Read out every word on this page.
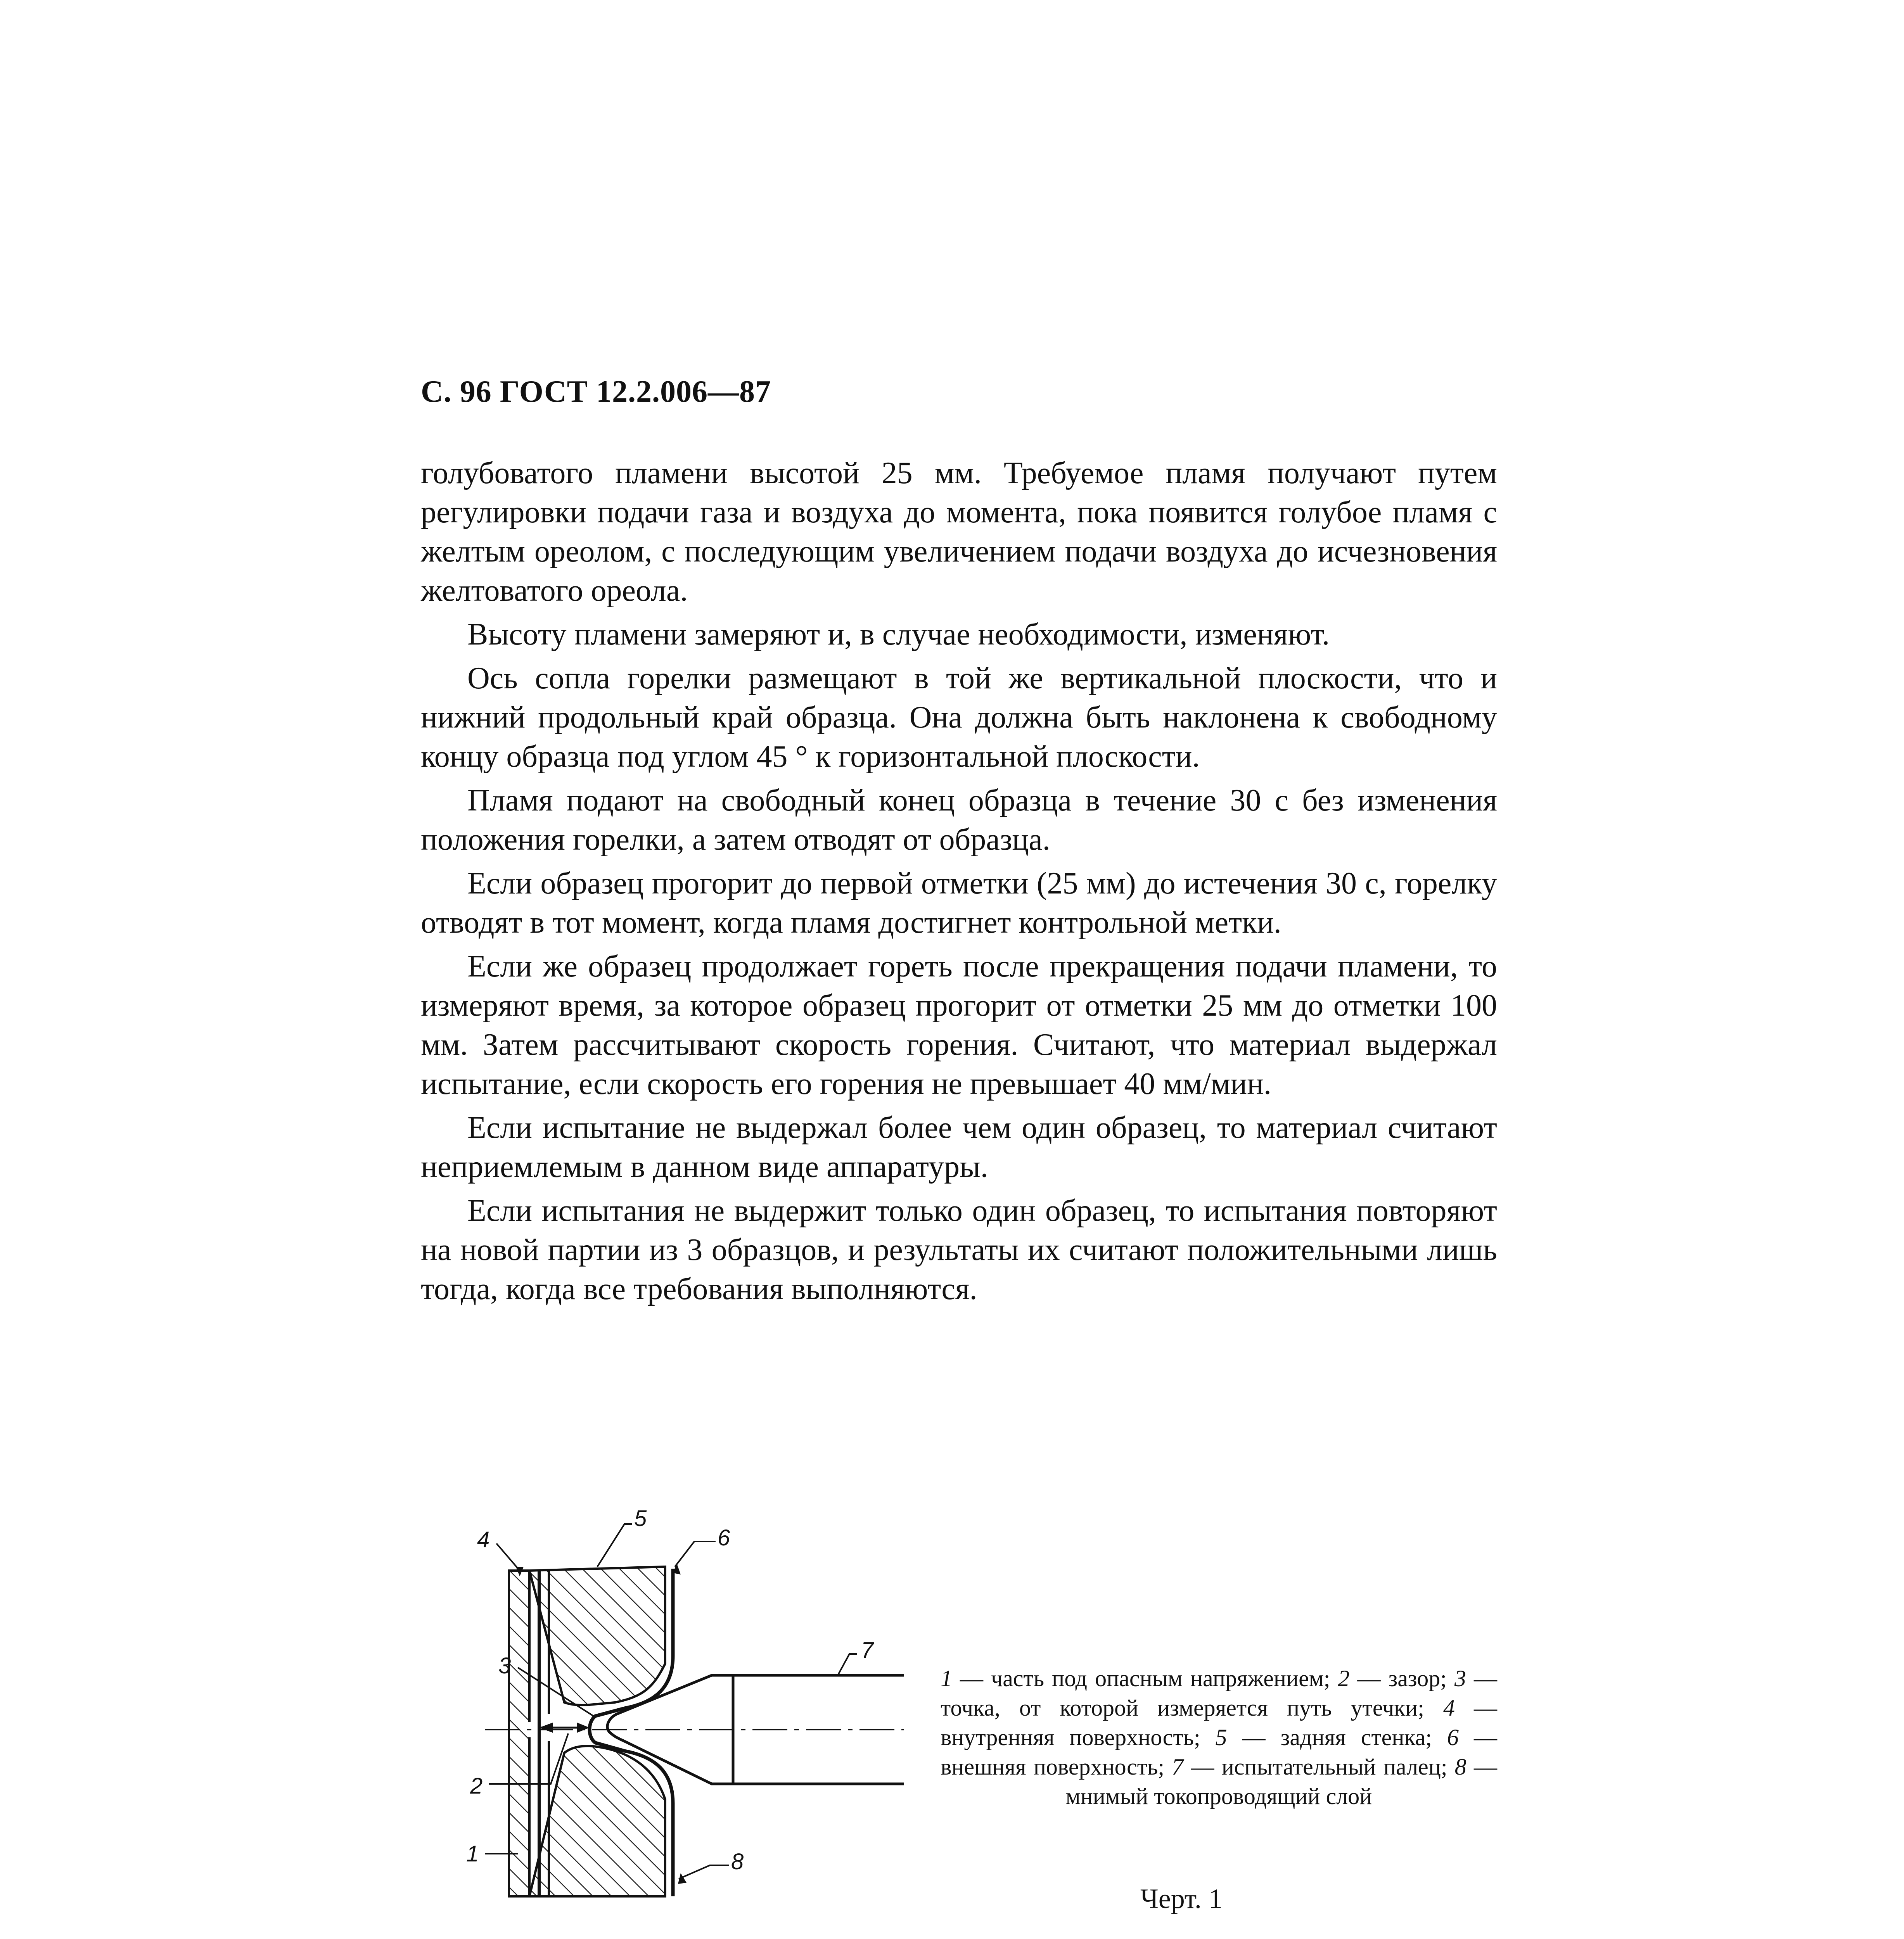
С. 96 ГОСТ 12.2.006—87

голубоватого пламени высотой 25 мм. Требуемое пламя получают путем регулировки подачи газа и воздуха до момента, пока появится голубое пламя с желтым ореолом, с последующим увеличением подачи воздуха до исчезновения желтоватого ореола.

Высоту пламени замеряют и, в случае необходимости, изменяют.

Ось сопла горелки размещают в той же вертикальной плоскости, что и нижний продольный край образца. Она должна быть наклонена к свободному концу образца под углом 45 ° к горизонтальной плоскости.

Пламя подают на свободный конец образца в течение 30 с без изменения положения горелки, а затем отводят от образца.

Если образец прогорит до первой отметки (25 мм) до истечения 30 с, горелку отводят в тот момент, когда пламя достигнет контрольной метки.

Если же образец продолжает гореть после прекращения подачи пламени, то измеряют время, за которое образец прогорит от отметки 25 мм до отметки 100 мм. Затем рассчитывают скорость горения. Считают, что материал выдержал испытание, если скорость его горения не превышает 40 мм/мин.

Если испытание не выдержал более чем один образец, то материал считают неприемлемым в данном виде аппаратуры.

Если испытания не выдержит только один образец, то испытания повторяют на новой партии из 3 образцов, и результаты их считают положительными лишь тогда, когда все требования выполняются.

4
3
2
1
5
6
7
8

1 — часть под опасным напряжением; 2 — зазор; 3 — точка, от которой измеряется путь утечки; 4 — внутренняя поверхность; 5 — задняя стенка; 6 — внешняя поверхность; 7 — испытательный палец; 8 — мнимый токопроводящий слой

Черт. 1
